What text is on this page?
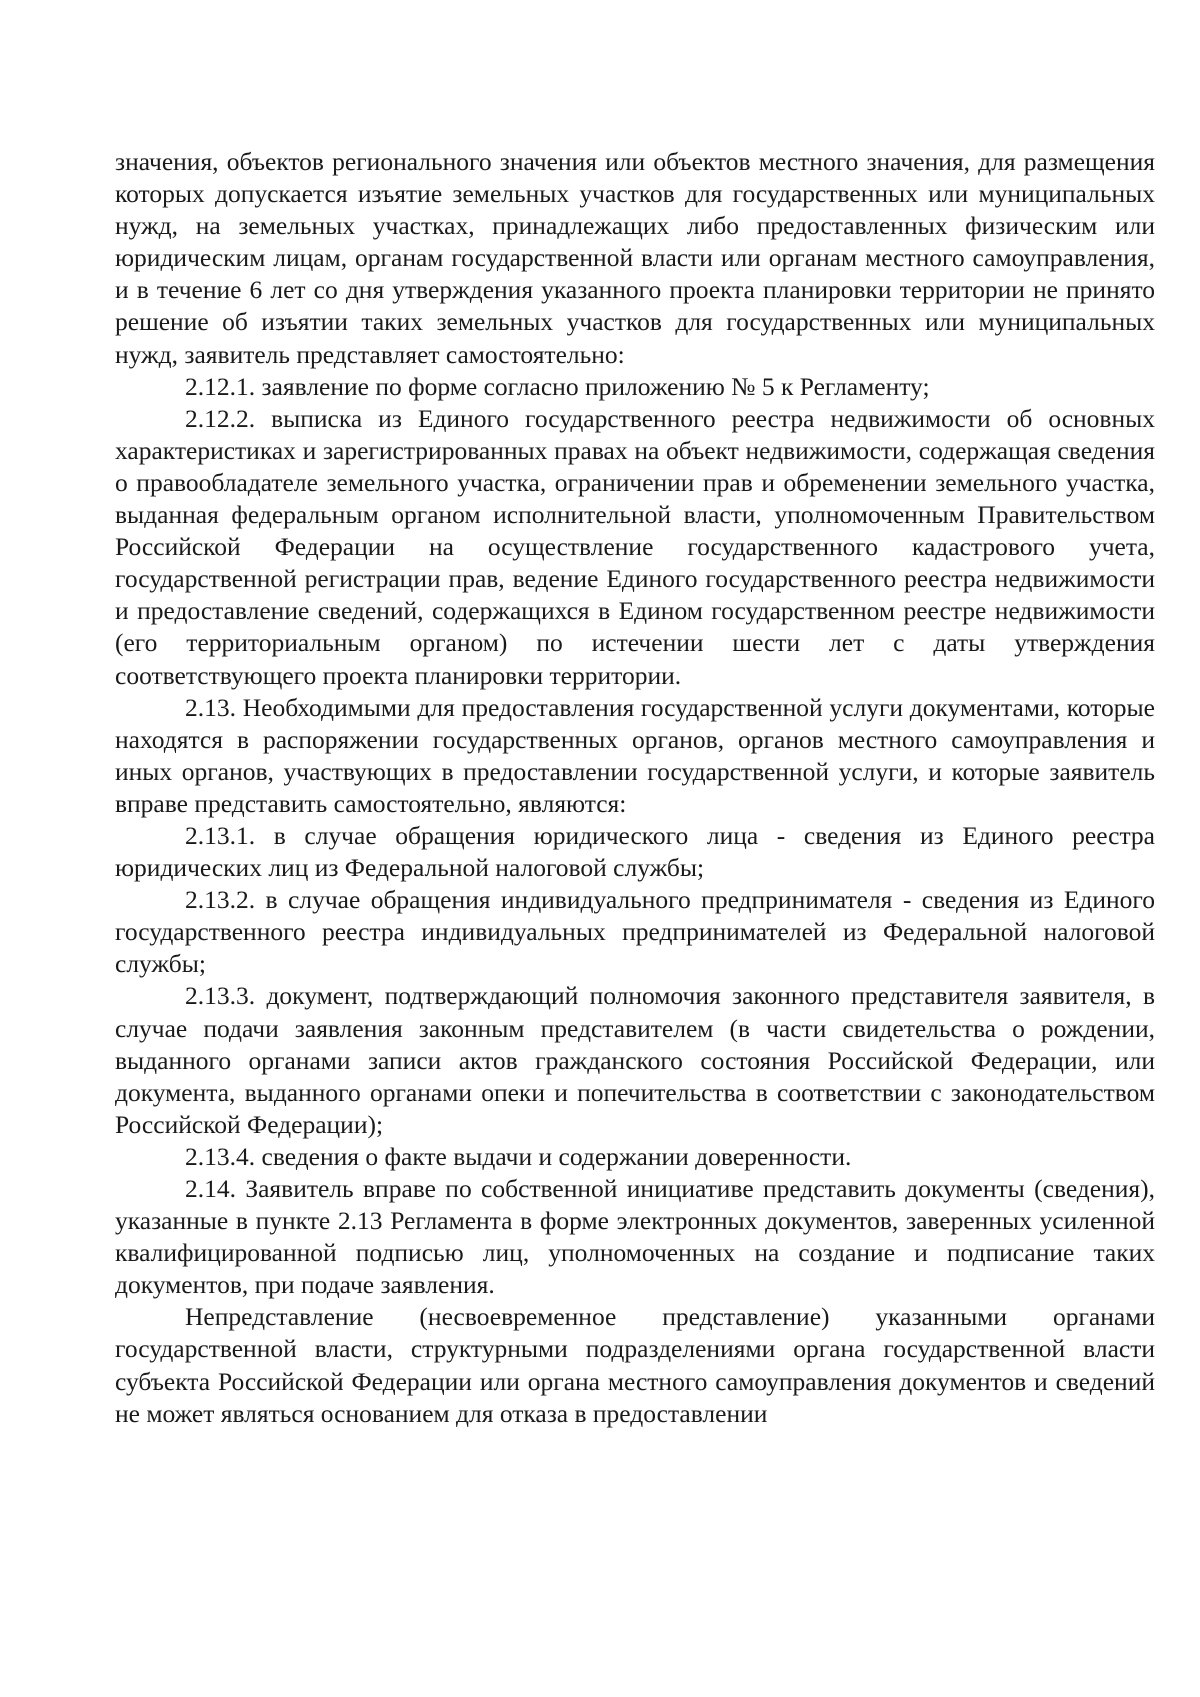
значения, объектов регионального значения или объектов местного значения, для размещения которых допускается изъятие земельных участков для государственных или муниципальных нужд, на земельных участках, принадлежащих либо предоставленных физическим или юридическим лицам, органам государственной власти или органам местного самоуправления, и в течение 6 лет со дня утверждения указанного проекта планировки территории не принято решение об изъятии таких земельных участков для государственных или муниципальных нужд, заявитель представляет самостоятельно:

2.12.1. заявление по форме согласно приложению № 5 к Регламенту;

2.12.2. выписка из Единого государственного реестра недвижимости об основных характеристиках и зарегистрированных правах на объект недвижимости, содержащая сведения о правообладателе земельного участка, ограничении прав и обременении земельного участка, выданная федеральным органом исполнительной власти, уполномоченным Правительством Российской Федерации на осуществление государственного кадастрового учета, государственной регистрации прав, ведение Единого государственного реестра недвижимости и предоставление сведений, содержащихся в Едином государственном реестре недвижимости (его территориальным органом) по истечении шести лет с даты утверждения соответствующего проекта планировки территории.

2.13. Необходимыми для предоставления государственной услуги документами, которые находятся в распоряжении государственных органов, органов местного самоуправления и иных органов, участвующих в предоставлении государственной услуги, и которые заявитель вправе представить самостоятельно, являются:

2.13.1. в случае обращения юридического лица - сведения из Единого реестра юридических лиц из Федеральной налоговой службы;

2.13.2. в случае обращения индивидуального предпринимателя - сведения из Единого государственного реестра индивидуальных предпринимателей из Федеральной налоговой службы;

2.13.3. документ, подтверждающий полномочия законного представителя заявителя, в случае подачи заявления законным представителем (в части свидетельства о рождении, выданного органами записи актов гражданского состояния Российской Федерации, или документа, выданного органами опеки и попечительства в соответствии с законодательством Российской Федерации);

2.13.4. сведения о факте выдачи и содержании доверенности.

2.14. Заявитель вправе по собственной инициативе представить документы (сведения), указанные в пункте 2.13 Регламента в форме электронных документов, заверенных усиленной квалифицированной подписью лиц, уполномоченных на создание и подписание таких документов, при подаче заявления.

Непредставление (несвоевременное представление) указанными органами государственной власти, структурными подразделениями органа государственной власти субъекта Российской Федерации или органа местного самоуправления документов и сведений не может являться основанием для отказа в предоставлении
